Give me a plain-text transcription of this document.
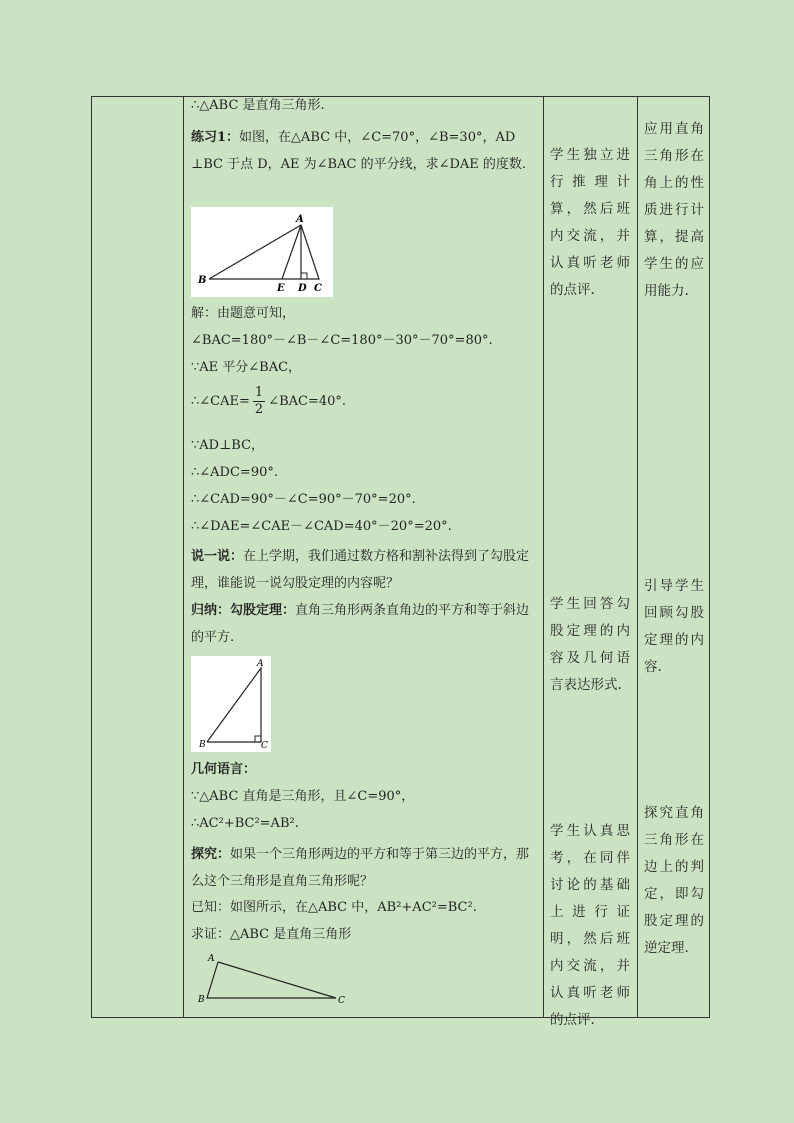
∴△ABC 是直角三角形.
练习1：如图，在△ABC 中，∠C=70°，∠B=30°，AD ⊥BC 于点 D，AE 为∠BAC 的平分线，求∠DAE 的度数.
A
B
E D C
解：由题意可知，
∠BAC=180°－∠B－∠C=180°－30°－70°=80°.
∵AE 平分∠BAC，
∴∠CAE= $\frac{1}{2}$ ∠BAC=40°.
∵AD⊥BC，
∴∠ADC=90°.
∴∠CAD=90°－∠C=90°－70°=20°.
∴∠DAE=∠CAE－∠CAD=40°－20°=20°.
说一说：在上学期，我们通过数方格和割补法得到了勾股定理，谁能说一说勾股定理的内容呢？
归纳：勾股定理：直角三角形两条直角边的平方和等于斜边的平方.
A
B	C
几何语言：
∵△ABC 直角是三角形，且∠C=90°，
∴AC²+BC²=AB².
探究：如果一个三角形两边的平方和等于第三边的平方，那么这个三角形是直角三角形呢？
已知：如图所示，在△ABC 中，AB²+AC²=BC².
求证：△ABC 是直角三角形
A
B	C
学生独立进行推理计算，然后班内交流，并认真听老师的点评.
学生回答勾股定理的内容及几何语言表达形式.
学生认真思考，在同伴讨论的基础上进行证明，然后班内交流，并认真听老师的点评.
应用直角三角形在角上的性质进行计算，提高学生的应用能力.
引导学生回顾勾股定理的内容.
探究直角三角形在边上的判定，即勾股定理的逆定理.
